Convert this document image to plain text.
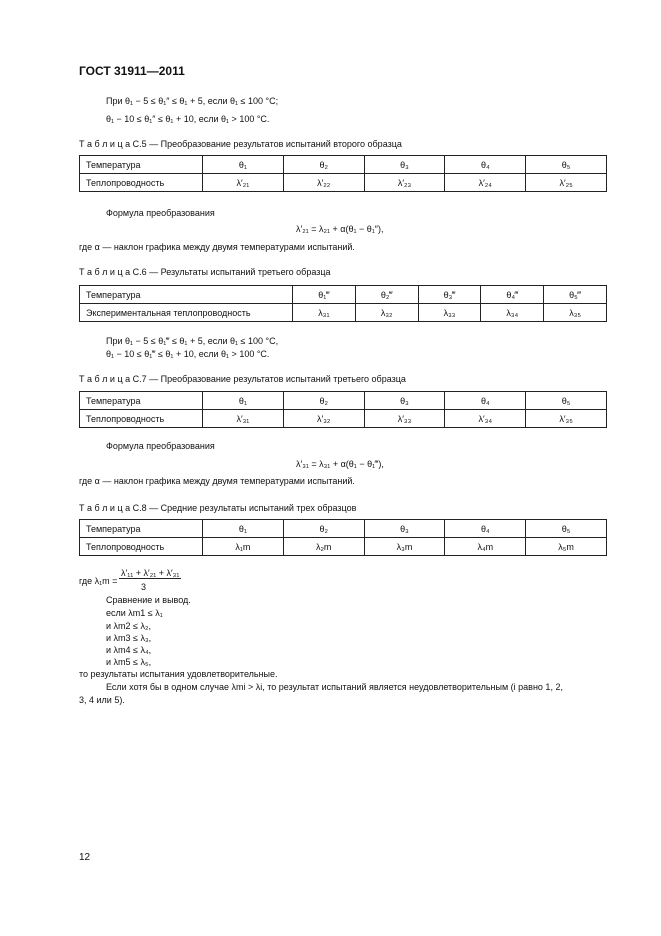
ГОСТ 31911—2011
При θ₁ − 5 ≤ θ₁″ ≤ θ₁ + 5, если θ₁ ≤ 100 °С;
θ₁ − 10 ≤ θ₁″ ≤ θ₁ + 10, если θ₁ > 100 °С.
Т а б л и ц а С.5 — Преобразование результатов испытаний второго образца
Температура	θ₁	θ₂	θ₃	θ₄	θ₅
Теплопроводность	λ′₂₁	λ′₂₂	λ′₂₃	λ′₂₄	λ′₂₅
Формула преобразования
λ′₂₁ = λ₂₁ + α(θ₁ − θ₁″),
где α — наклон графика между двумя температурами испытаний.
Т а б л и ц а С.6 — Результаты испытаний третьего образца
Температура	θ₁‴	θ₂‴	θ₃‴	θ₄‴	θ₅‴
Экспериментальная теплопроводность	λ₃₁	λ₃₂	λ₃₃	λ₃₄	λ₃₅
При θ₁ − 5 ≤ θ₁‴ ≤ θ₁ + 5, если θ₁ ≤ 100 °С,
θ₁ − 10 ≤ θ₁‴ ≤ θ₁ + 10, если θ₁ > 100 °С.
Т а б л и ц а С.7 — Преобразование результатов испытаний третьего образца
Температура	θ₁	θ₂	θ₃	θ₄	θ₅
Теплопроводность	λ′₃₁	λ′₃₂	λ′₃₃	λ′₃₄	λ′₃₅
Формула преобразования
λ′₃₁ = λ₃₁ + α(θ₁ − θ₁‴),
где α — наклон графика между двумя температурами испытаний.
Т а б л и ц а С.8 — Средние результаты испытаний трех образцов
Температура	θ₁	θ₂	θ₃	θ₄	θ₅
Теплопроводность	λ₁m	λ₂m	λ₃m	λ₄m	λ₅m
где λ₁m =
λ′₁₁ + λ′₂₁ + λ′₃₁
3
Сравнение и вывод.
если λm1 ≤ λ₁
и λm2 ≤ λ₂,
и λm3 ≤ λ₃,
и λm4 ≤ λ₄,
и λm5 ≤ λ₅,
то результаты испытания удовлетворительные.
Если хотя бы в одном случае λmi > λi, то результат испытаний является неудовлетворительным (i равно 1, 2,
3, 4 или 5).
12
